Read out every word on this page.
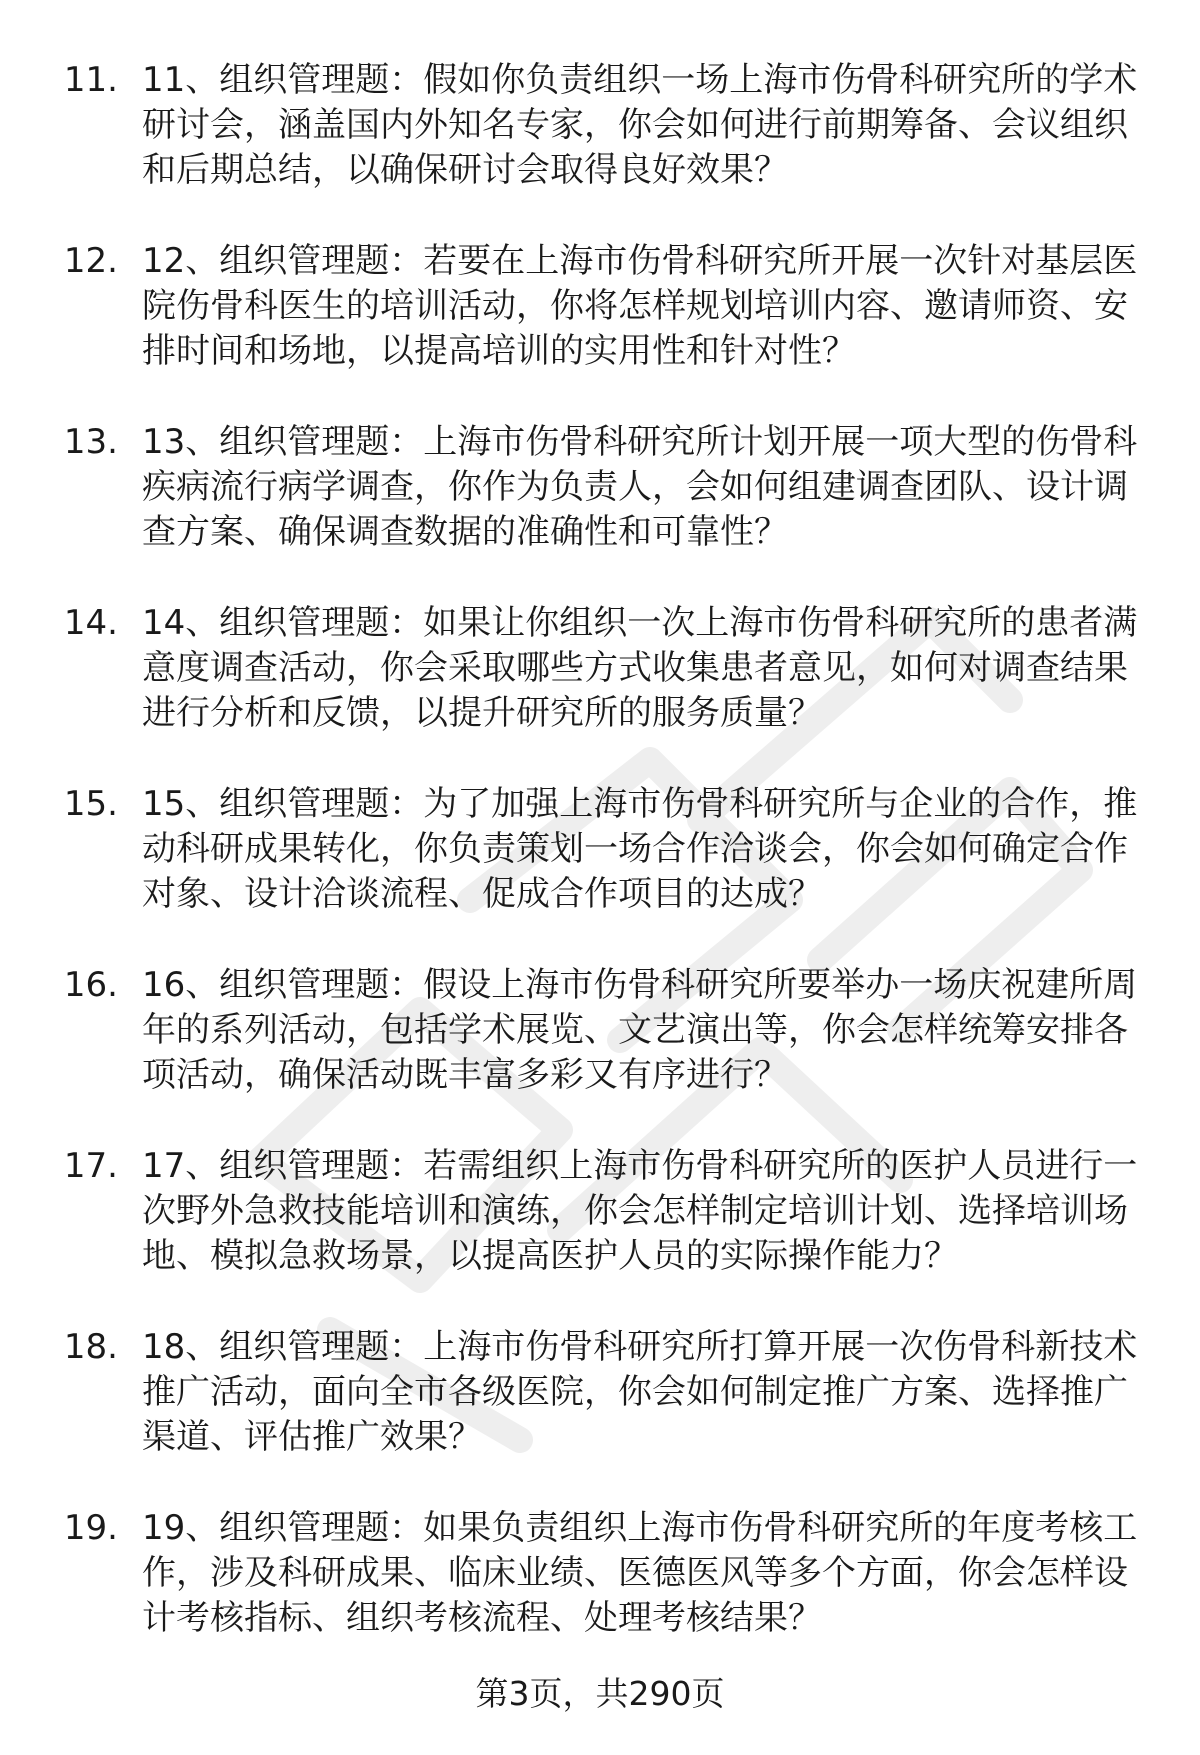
11. 11、组织管理题：假如你负责组织一场上海市伤骨科研究所的学术研讨会，涵盖国内外知名专家，你会如何进行前期筹备、会议组织和后期总结，以确保研讨会取得良好效果？
12. 12、组织管理题：若要在上海市伤骨科研究所开展一次针对基层医院伤骨科医生的培训活动，你将怎样规划培训内容、邀请师资、安排时间和场地，以提高培训的实用性和针对性？
13. 13、组织管理题：上海市伤骨科研究所计划开展一项大型的伤骨科疾病流行病学调查，你作为负责人，会如何组建调查团队、设计调查方案、确保调查数据的准确性和可靠性？
14. 14、组织管理题：如果让你组织一次上海市伤骨科研究所的患者满意度调查活动，你会采取哪些方式收集患者意见，如何对调查结果进行分析和反馈，以提升研究所的服务质量？
15. 15、组织管理题：为了加强上海市伤骨科研究所与企业的合作，推动科研成果转化，你负责策划一场合作洽谈会，你会如何确定合作对象、设计洽谈流程、促成合作项目的达成？
16. 16、组织管理题：假设上海市伤骨科研究所要举办一场庆祝建所周年的系列活动，包括学术展览、文艺演出等，你会怎样统筹安排各项活动，确保活动既丰富多彩又有序进行？
17. 17、组织管理题：若需组织上海市伤骨科研究所的医护人员进行一次野外急救技能培训和演练，你会怎样制定培训计划、选择培训场地、模拟急救场景，以提高医护人员的实际操作能力？
18. 18、组织管理题：上海市伤骨科研究所打算开展一次伤骨科新技术推广活动，面向全市各级医院，你会如何制定推广方案、选择推广渠道、评估推广效果？
19. 19、组织管理题：如果负责组织上海市伤骨科研究所的年度考核工作，涉及科研成果、临床业绩、医德医风等多个方面，你会怎样设计考核指标、组织考核流程、处理考核结果？
第3页，共290页
